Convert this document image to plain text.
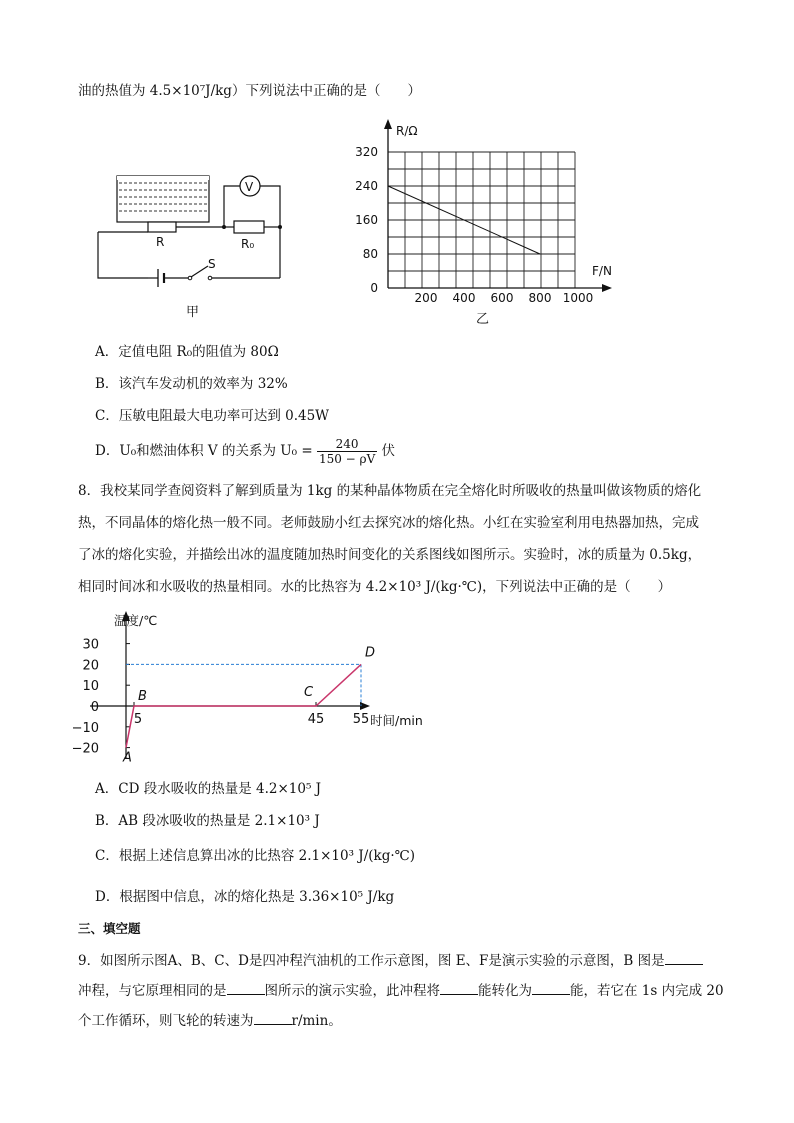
油的热值为 4.5×10⁷J/kg）下列说法中正确的是（　　）
R	R₀
V
S
甲
0
80
160
240
320
200 400 600 800 1000
R/Ω
F/N
乙
A．定值电阻 R₀的阻值为 80Ω
B．该汽车发动机的效率为 32%
C．压敏电阻最大电功率可达到 0.45W
D．U₀和燃油体积 V 的关系为 $U_0 = \frac{240}{150 - \rho V}$ 伏
8．我校某同学查阅资料了解到质量为 1kg 的某种晶体物质在完全熔化时所吸收的热量叫做该物质的熔化
热，不同晶体的熔化热一般不同。老师鼓励小红去探究冰的熔化热。小红在实验室利用电热器加热，完成
了冰的熔化实验，并描绘出冰的温度随加热时间变化的关系图线如图所示。实验时，冰的质量为 0.5kg，
相同时间冰和水吸收的热量相同。水的比热容为 4.2×10³ J/(kg·℃)，下列说法中正确的是（　　）
−20
−10
0
10
20
30
5	45 55
A
B	C
D
温度/℃
时间/min
A．CD 段水吸收的热量是 4.2×10⁵ J
B．AB 段冰吸收的热量是 2.1×10³ J
C．根据上述信息算出冰的比热容 2.1×10³ J/(kg·℃)
D．根据图中信息，冰的熔化热是 3.36×10⁵ J/kg
三、填空题
9．如图所示图A、B、C、D是四冲程汽油机的工作示意图，图 E、F是演示实验的示意图，B 图是
冲程，与它原理相同的是	图所示的演示实验，此冲程将	能转化为	能，若它在 1s 内完成 20
个工作循环，则飞轮的转速为	r/min。
